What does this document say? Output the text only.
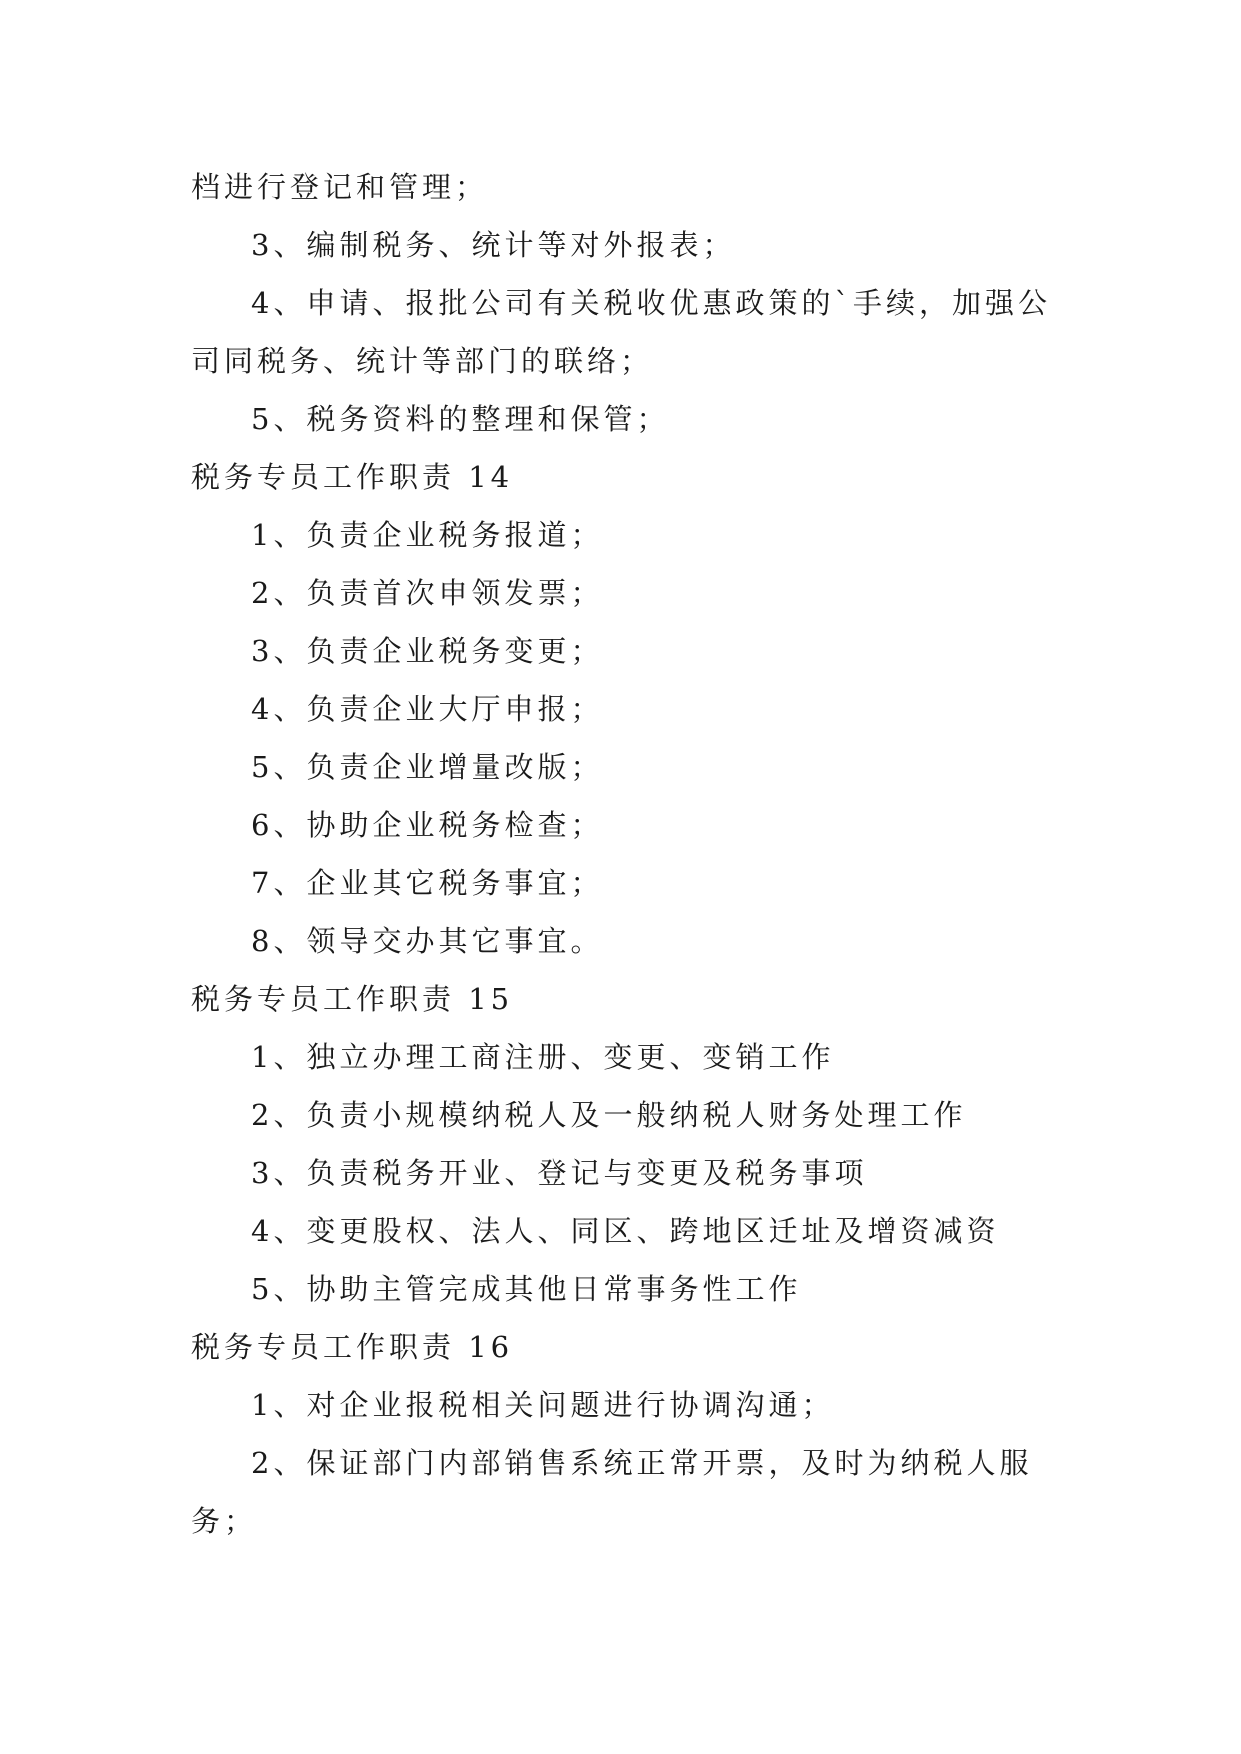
档进行登记和管理；
3、编制税务、统计等对外报表；
4、申请、报批公司有关税收优惠政策的`手续，加强公
司同税务、统计等部门的联络；
5、税务资料的整理和保管；
税务专员工作职责 14
1、负责企业税务报道；
2、负责首次申领发票；
3、负责企业税务变更；
4、负责企业大厅申报；
5、负责企业增量改版；
6、协助企业税务检查；
7、企业其它税务事宜；
8、领导交办其它事宜。
税务专员工作职责 15
1、独立办理工商注册、变更、变销工作
2、负责小规模纳税人及一般纳税人财务处理工作
3、负责税务开业、登记与变更及税务事项
4、变更股权、法人、同区、跨地区迁址及增资减资
5、协助主管完成其他日常事务性工作
税务专员工作职责 16
1、对企业报税相关问题进行协调沟通；
2、保证部门内部销售系统正常开票，及时为纳税人服
务；
